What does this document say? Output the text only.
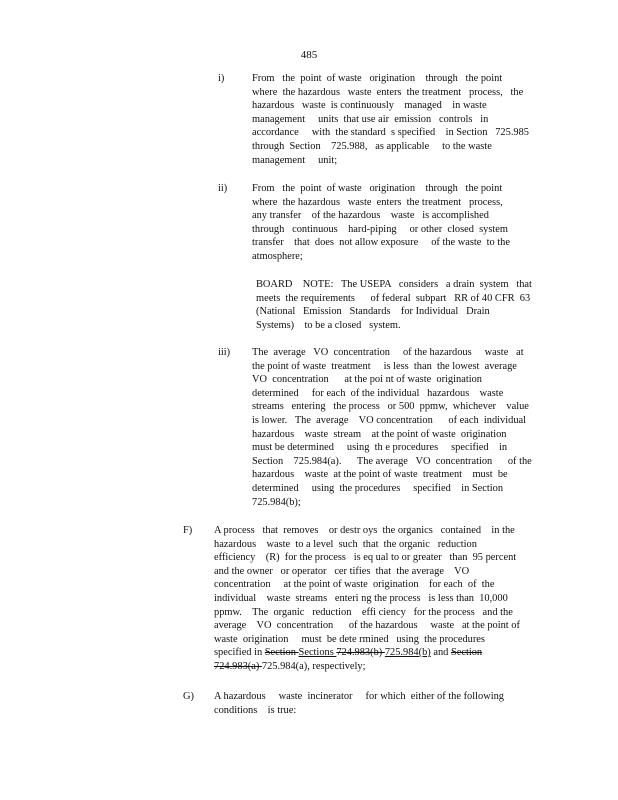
485
i)	From   the  point  of waste   origination    through   the point
where  the hazardous   waste  enters  the treatment   process,   the
hazardous   waste  is continuously    managed    in waste
management     units  that use air  emission   controls   in
accordance     with  the standard  s specified    in Section   725.985
through  Section    725.988,   as applicable     to the waste
management     unit;
ii) From   the  point  of waste   origination    through   the point
where  the hazardous   waste  enters  the treatment   process,
any transfer    of the hazardous    waste   is accomplished
through   continuous    hard-piping     or other  closed  system
transfer    that  does  not allow exposure     of the waste  to the
atmosphere;
BOARD    NOTE:   The USEPA   considers   a drain  system   that
meets  the requirements      of federal  subpart   RR of 40 CFR  63
(National   Emission   Standards    for Individual   Drain
Systems)    to be a closed   system.
iii) The  average   VO  concentration     of the hazardous     waste   at
the point of waste  treatment     is less  than  the lowest  average
VO  concentration      at the poi nt of waste  origination
determined     for each  of the individual   hazardous    waste
streams   entering   the process   or 500  ppmw,  whichever    value
is lower.   The  average    VO concentration      of each  individual
hazardous    waste  stream    at the point of waste  origination
must be determined     using  th e procedures     specified    in
Section    725.984(a).      The average   VO  concentration      of the
hazardous    waste  at the point of waste  treatment    must  be
determined     using  the procedures     specified    in Section
725.984(b);
F) A process   that  removes    or destr oys  the organics   contained    in the
hazardous    waste  to a level  such  that  the organic   reduction
efficiency    (R)  for the process   is eq ual to or greater   than  95 percent
and the owner   or operator   cer tifies  that  the average    VO
concentration     at the point of waste  origination    for each  of  the
individual    waste  streams   enteri ng the process   is less than  10,000
ppmw.    The  organic   reduction    effi ciency   for the process   and the
average    VO  concentration      of the hazardous     waste   at the point of
waste  origination     must  be dete rmined   using  the procedures
specified in Section Sections 724.983(b) 725.984(b) and Section
724.983(a) 725.984(a), respectively;
G) A hazardous     waste  incinerator     for which  either of the following
conditions    is true:
